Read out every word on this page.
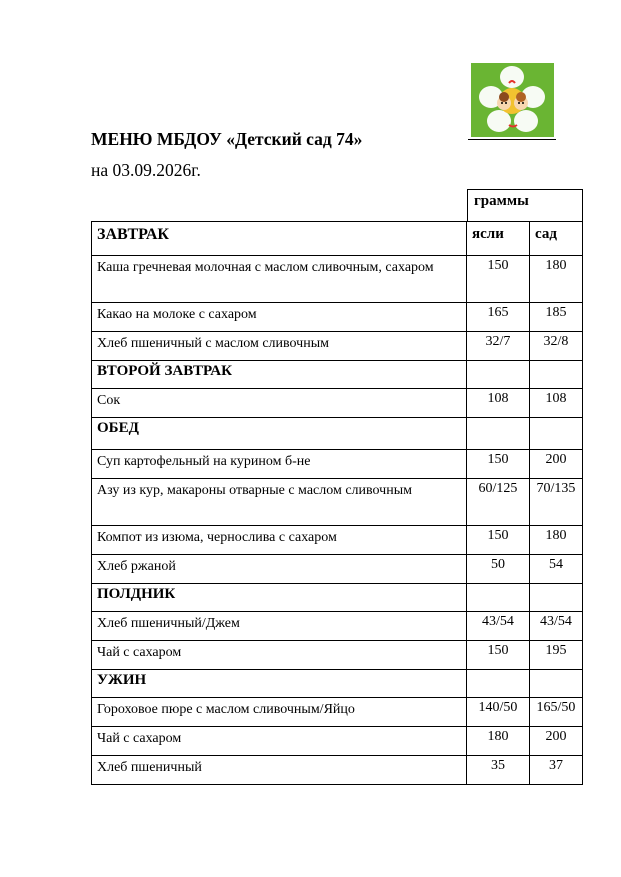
МЕНЮ МБДОУ «Детский сад 74»
на 03.09.2026г.
граммы
ЗАВТРАК	ясли	сад
Каша гречневая молочная с маслом сливочным, сахаром	150	180
Какао на молоке с сахаром	165	185
Хлеб пшеничный с маслом сливочным	32/7	32/8
ВТОРОЙ ЗАВТРАК		
Сок	108	108
ОБЕД		
Суп картофельный на курином б-не	150	200
Азу из кур, макароны отварные с маслом сливочным	60/125	70/135
Компот из изюма, чернослива с сахаром	150	180
Хлеб ржаной	50	54
ПОЛДНИК		
Хлеб пшеничный/Джем	43/54	43/54
Чай с сахаром	150	195
УЖИН		
Гороховое пюре с маслом сливочным/Яйцо	140/50	165/50
Чай с сахаром	180	200
Хлеб пшеничный	35	37
